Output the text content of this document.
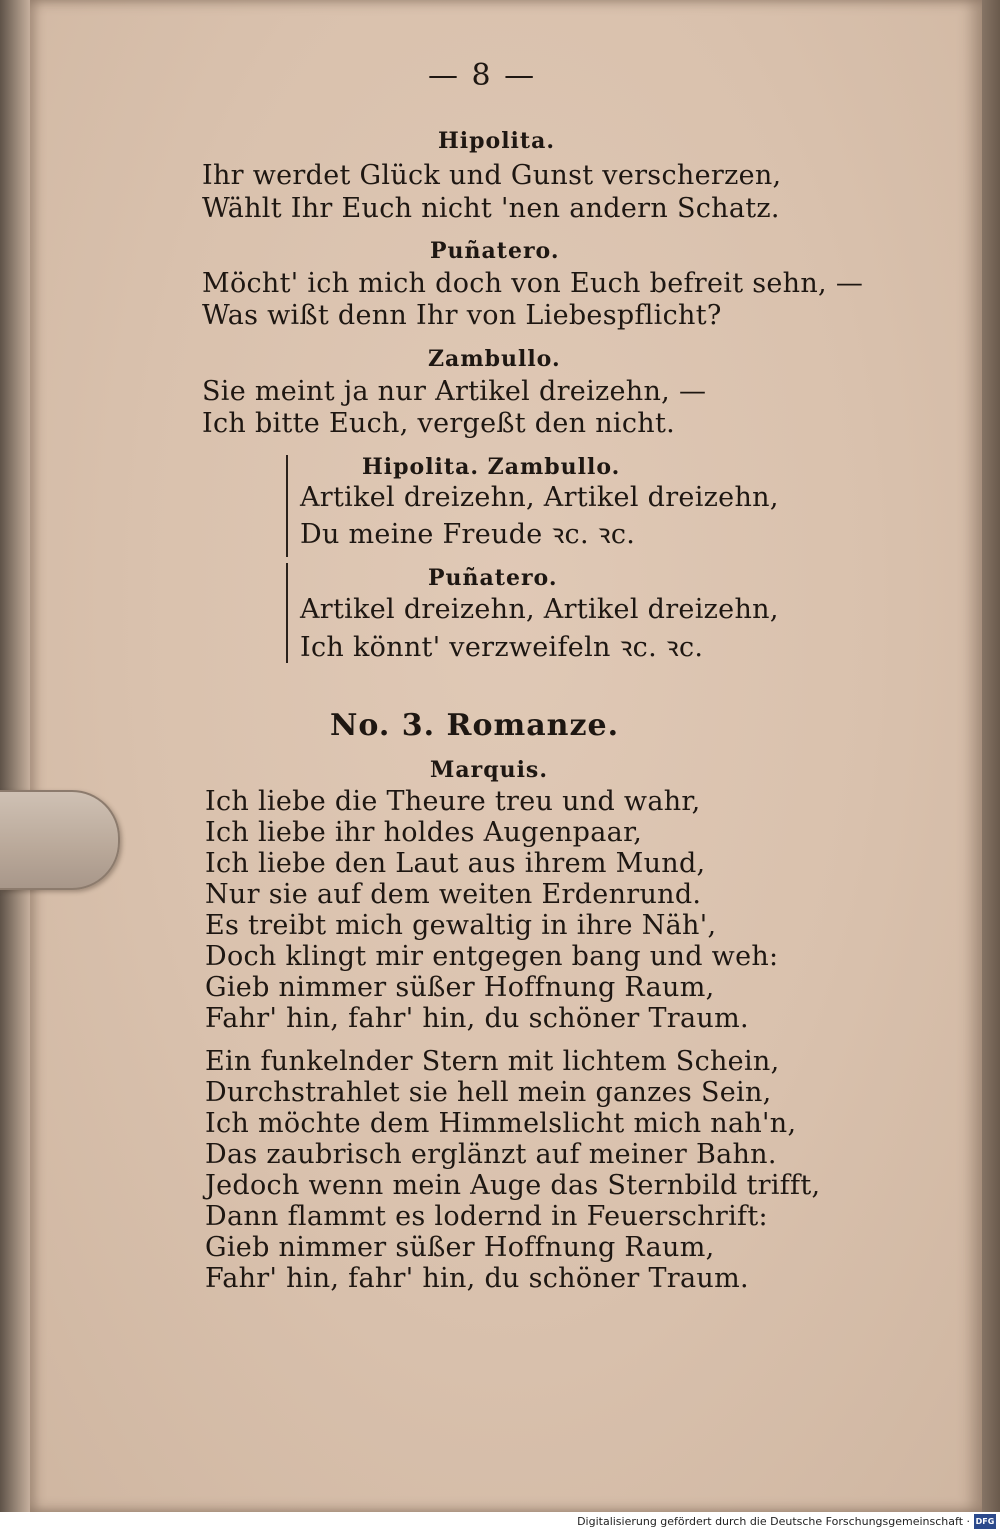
— 8 —
Hipolita.
Ihr werdet Glück und Gunst verscherzen,
Wählt Ihr Euch nicht 'nen andern Schatz.
Puñatero.
Möcht' ich mich doch von Euch befreit sehn, —
Was wißt denn Ihr von Liebespflicht?
Zambullo.
Sie meint ja nur Artikel dreizehn, —
Ich bitte Euch, vergeßt den nicht.
Hipolita. Zambullo.
Artikel dreizehn, Artikel dreizehn,
Du meine Freude ꝛc. ꝛc.
Puñatero.
Artikel dreizehn, Artikel dreizehn,
Ich könnt' verzweifeln ꝛc. ꝛc.
No. 3. Romanze.
Marquis.
Ich liebe die Theure treu und wahr,
Ich liebe ihr holdes Augenpaar,
Ich liebe den Laut aus ihrem Mund,
Nur sie auf dem weiten Erdenrund.
Es treibt mich gewaltig in ihre Näh',
Doch klingt mir entgegen bang und weh:
Gieb nimmer süßer Hoffnung Raum,
Fahr' hin, fahr' hin, du schöner Traum.
Ein funkelnder Stern mit lichtem Schein,
Durchstrahlet sie hell mein ganzes Sein,
Ich möchte dem Himmelslicht mich nah'n,
Das zaubrisch erglänzt auf meiner Bahn.
Jedoch wenn mein Auge das Sternbild trifft,
Dann flammt es lodernd in Feuerschrift:
Gieb nimmer süßer Hoffnung Raum,
Fahr' hin, fahr' hin, du schöner Traum.
Digitalisierung gefördert durch die Deutsche Forschungsgemeinschaft · DFG
